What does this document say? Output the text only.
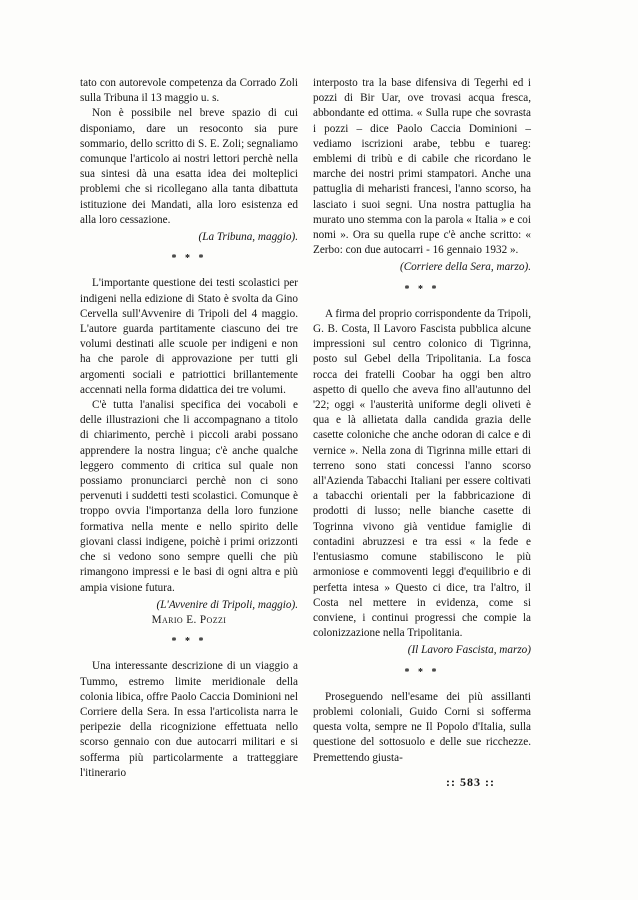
tato con autorevole competenza da Corrado Zoli sulla Tribuna il 13 maggio u. s.

Non è possibile nel breve spazio di cui disponiamo, dare un resoconto sia pure sommario, dello scritto di S. E. Zoli; segnaliamo comunque l'articolo ai nostri lettori perchè nella sua sintesi dà una esatta idea dei molteplici problemi che si ricollegano alla tanta dibattuta istituzione dei Mandati, alla loro esistenza ed alla loro cessazione.

(La Tribuna, maggio).

* * *

L'importante questione dei testi scolastici per indigeni nella edizione di Stato è svolta da Gino Cervella sull'Avvenire di Tripoli del 4 maggio. L'autore guarda partitamente ciascuno dei tre volumi destinati alle scuole per indigeni e non ha che parole di approvazione per tutti gli argomenti sociali e patriottici brillantemente accennati nella forma didattica dei tre volumi.

C'è tutta l'analisi specifica dei vocaboli e delle illustrazioni che li accompagnano a titolo di chiarimento, perchè i piccoli arabi possano apprendere la nostra lingua; c'è anche qualche leggero commento di critica sul quale non possiamo pronunciarci perchè non ci sono pervenuti i suddetti testi scolastici. Comunque è troppo ovvia l'importanza della loro funzione formativa nella mente e nello spirito delle giovani classi indigene, poichè i primi orizzonti che si vedono sono sempre quelli che più rimangono impressi e le basi di ogni altra e più ampia visione futura.

(L'Avvenire di Tripoli, maggio).

Mario E. Pozzi

* * *

Una interessante descrizione di un viaggio a Tummo, estremo limite meridionale della colonia libica, offre Paolo Caccia Dominioni nel Corriere della Sera. In essa l'articolista narra le peripezie della ricognizione effettuata nello scorso gennaio con due autocarri militari e si sofferma più particolarmente a tratteggiare l'itinerario

interposto tra la base difensiva di Tegerhi ed i pozzi di Bir Uar, ove trovasi acqua fresca, abbondante ed ottima. « Sulla rupe che sovrasta i pozzi – dice Paolo Caccia Dominioni – vediamo iscrizioni arabe, tebbu e tuareg: emblemi di tribù e di cabile che ricordano le marche dei nostri primi stampatori. Anche una pattuglia di meharisti francesi, l'anno scorso, ha lasciato i suoi segni. Una nostra pattuglia ha murato uno stemma con la parola « Italia » e coi nomi ». Ora su quella rupe c'è anche scritto: « Zerbo: con due autocarri - 16 gennaio 1932 ».

(Corriere della Sera, marzo).

* * *

A firma del proprio corrispondente da Tripoli, G. B. Costa, Il Lavoro Fascista pubblica alcune impressioni sul centro colonico di Tigrinna, posto sul Gebel della Tripolitania. La fosca rocca dei fratelli Coobar ha oggi ben altro aspetto di quello che aveva fino all'autunno del '22; oggi « l'austerità uniforme degli oliveti è qua e là allietata dalla candida grazia delle casette coloniche che anche odoran di calce e di vernice ». Nella zona di Tigrinna mille ettari di terreno sono stati concessi l'anno scorso all'Azienda Tabacchi Italiani per essere coltivati a tabacchi orientali per la fabbricazione di prodotti di lusso; nelle bianche casette di Togrinna vivono già ventidue famiglie di contadini abruzzesi e tra essi « la fede e l'entusiasmo comune stabiliscono le più armoniose e commoventi leggi d'equilibrio e di perfetta intesa » Questo ci dice, tra l'altro, il Costa nel mettere in evidenza, come si conviene, i continui progressi che compie la colonizzazione nella Tripolitania.

(Il Lavoro Fascista, marzo)

* * *

Proseguendo nell'esame dei più assillanti problemi coloniali, Guido Corni si sofferma questa volta, sempre ne Il Popolo d'Italia, sulla questione del sottosuolo e delle sue ricchezze. Premettendo giusta-

:: 583 ::
